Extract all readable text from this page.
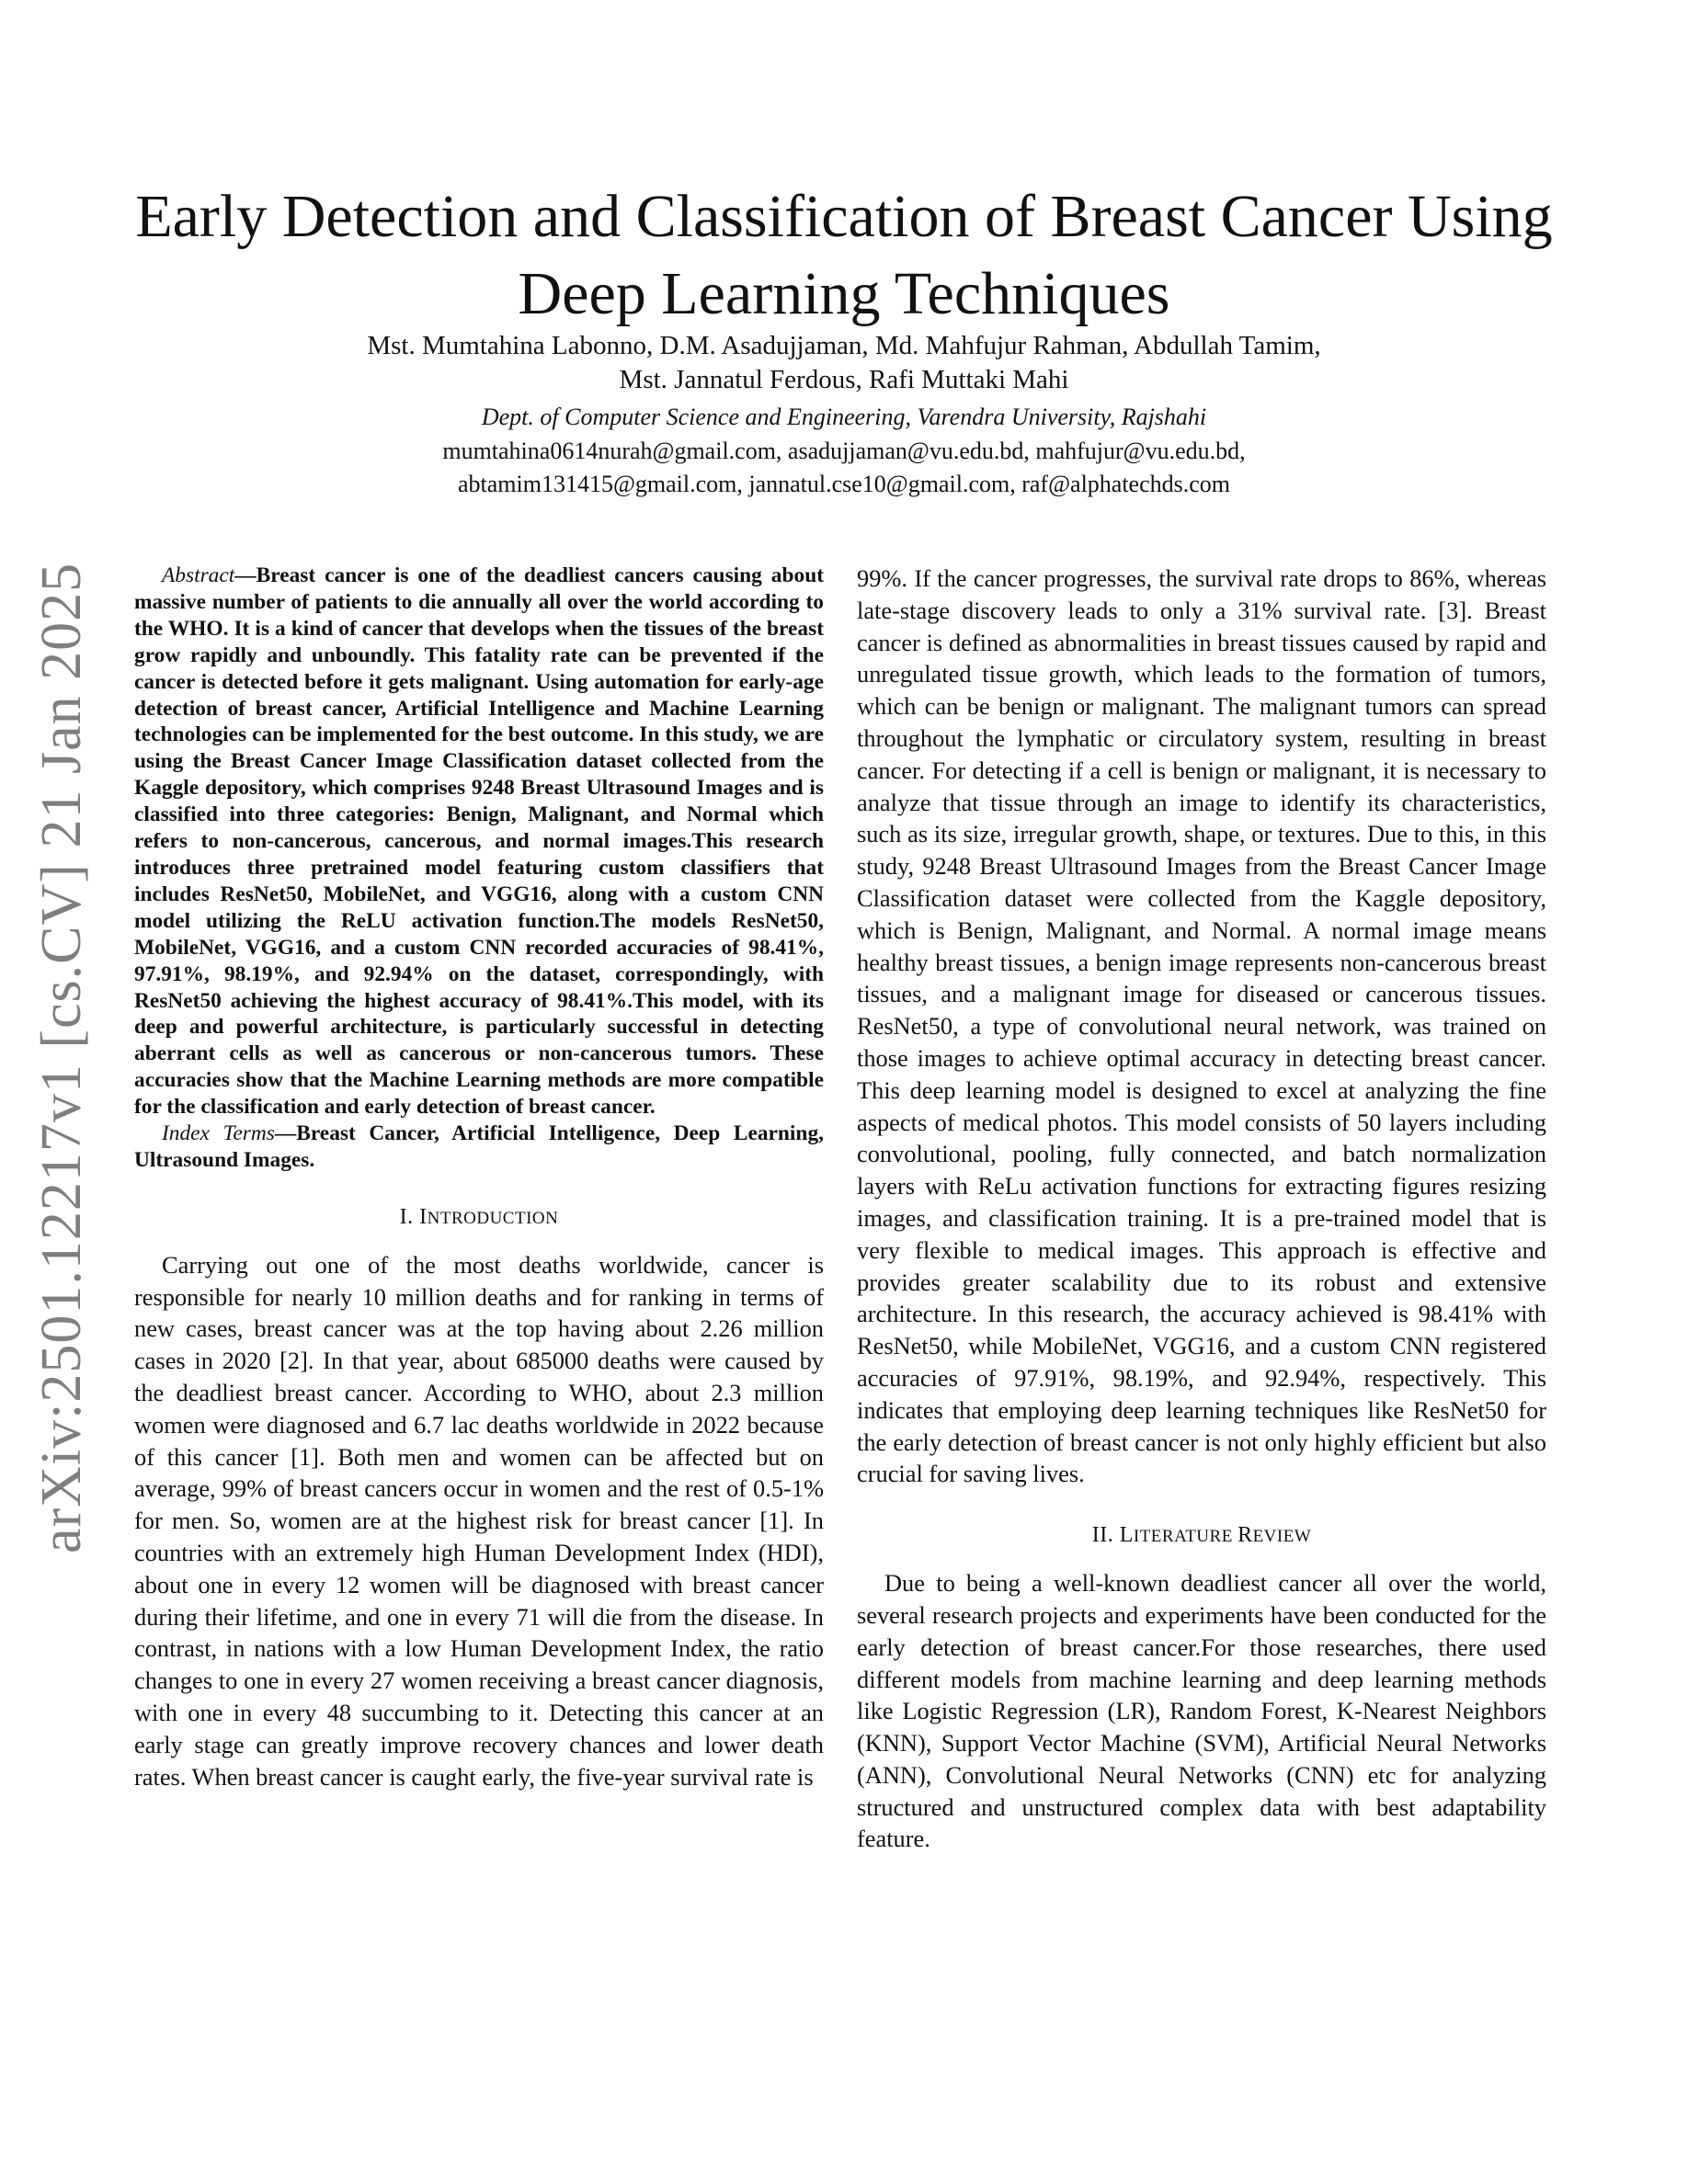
arXiv:2501.12217v1 [cs.CV] 21 Jan 2025
Early Detection and Classification of Breast Cancer Using Deep Learning Techniques
Mst. Mumtahina Labonno, D.M. Asadujjaman, Md. Mahfujur Rahman, Abdullah Tamim,
Mst. Jannatul Ferdous, Rafi Muttaki Mahi
Dept. of Computer Science and Engineering, Varendra University, Rajshahi
mumtahina0614nurah@gmail.com, asadujjaman@vu.edu.bd, mahfujur@vu.edu.bd,
abtamim131415@gmail.com, jannatul.cse10@gmail.com, raf@alphatechds.com

Abstract—Breast cancer is one of the deadliest cancers causing about massive number of patients to die annually all over the world according to the WHO. It is a kind of cancer that develops when the tissues of the breast grow rapidly and unboundly. This fatality rate can be prevented if the cancer is detected before it gets malignant. Using automation for early-age detection of breast cancer, Artificial Intelligence and Machine Learning technologies can be implemented for the best outcome. In this study, we are using the Breast Cancer Image Classification dataset collected from the Kaggle depository, which comprises 9248 Breast Ultrasound Images and is classified into three categories: Benign, Malignant, and Normal which refers to non-cancerous, cancerous, and normal images.This research introduces three pretrained model featuring custom classifiers that includes ResNet50, MobileNet, and VGG16, along with a custom CNN model utilizing the ReLU activation function.The models ResNet50, MobileNet, VGG16, and a custom CNN recorded accuracies of 98.41%, 97.91%, 98.19%, and 92.94% on the dataset, correspondingly, with ResNet50 achieving the highest accuracy of 98.41%.This model, with its deep and powerful architecture, is particularly successful in detecting aberrant cells as well as cancerous or non-cancerous tumors. These accuracies show that the Machine Learning methods are more compatible for the classification and early detection of breast cancer.

Index Terms—Breast Cancer, Artificial Intelligence, Deep Learning, Ultrasound Images.

I. INTRODUCTION

Carrying out one of the most deaths worldwide, cancer is responsible for nearly 10 million deaths and for ranking in terms of new cases, breast cancer was at the top having about 2.26 million cases in 2020 [2]. In that year, about 685000 deaths were caused by the deadliest breast cancer. According to WHO, about 2.3 million women were diagnosed and 6.7 lac deaths worldwide in 2022 because of this cancer [1]. Both men and women can be affected but on average, 99% of breast cancers occur in women and the rest of 0.5-1% for men. So, women are at the highest risk for breast cancer [1]. In countries with an extremely high Human Development Index (HDI), about one in every 12 women will be diagnosed with breast cancer during their lifetime, and one in every 71 will die from the disease. In contrast, in nations with a low Human Development Index, the ratio changes to one in every 27 women receiving a breast cancer diagnosis, with one in every 48 succumbing to it. Detecting this cancer at an early stage can greatly improve recovery chances and lower death rates. When breast cancer is caught early, the five-year survival rate is

99%. If the cancer progresses, the survival rate drops to 86%, whereas late-stage discovery leads to only a 31% survival rate. [3]. Breast cancer is defined as abnormalities in breast tissues caused by rapid and unregulated tissue growth, which leads to the formation of tumors, which can be benign or malignant. The malignant tumors can spread throughout the lymphatic or circulatory system, resulting in breast cancer. For detecting if a cell is benign or malignant, it is necessary to analyze that tissue through an image to identify its characteristics, such as its size, irregular growth, shape, or textures. Due to this, in this study, 9248 Breast Ultrasound Images from the Breast Cancer Image Classification dataset were collected from the Kaggle depository, which is Benign, Malignant, and Normal. A normal image means healthy breast tissues, a benign image represents non-cancerous breast tissues, and a malignant image for diseased or cancerous tissues. ResNet50, a type of convolutional neural network, was trained on those images to achieve optimal accuracy in detecting breast cancer. This deep learning model is designed to excel at analyzing the fine aspects of medical photos. This model consists of 50 layers including convolutional, pooling, fully connected, and batch normalization layers with ReLu activation functions for extracting figures resizing images, and classification training. It is a pre-trained model that is very flexible to medical images. This approach is effective and provides greater scalability due to its robust and extensive architecture. In this research, the accuracy achieved is 98.41% with ResNet50, while MobileNet, VGG16, and a custom CNN registered accuracies of 97.91%, 98.19%, and 92.94%, respectively. This indicates that employing deep learning techniques like ResNet50 for the early detection of breast cancer is not only highly efficient but also crucial for saving lives.

II. LITERATURE REVIEW

Due to being a well-known deadliest cancer all over the world, several research projects and experiments have been conducted for the early detection of breast cancer.For those researches, there used different models from machine learning and deep learning methods like Logistic Regression (LR), Random Forest, K-Nearest Neighbors (KNN), Support Vector Machine (SVM), Artificial Neural Networks (ANN), Convolutional Neural Networks (CNN) etc for analyzing structured and unstructured complex data with best adaptability feature.
